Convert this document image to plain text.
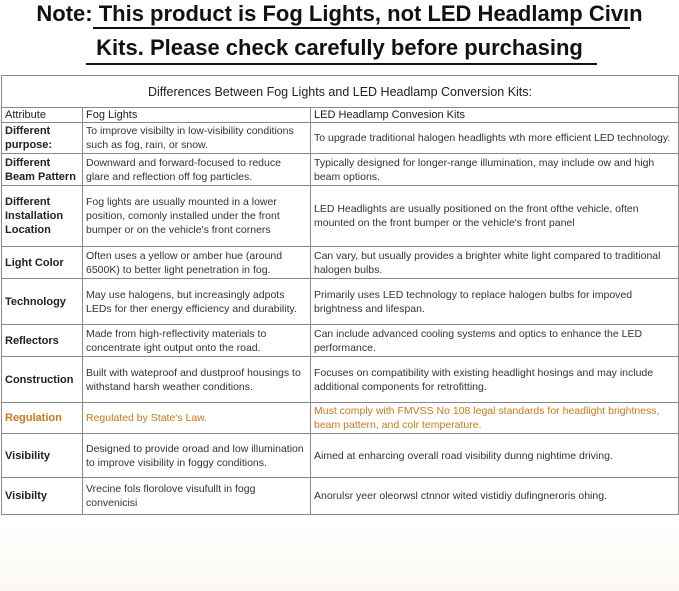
Note: This product is Fog Lights, not LED Headlamp Civın
Kits. Please check carefully before purchasing
Differences Between Fog Lights and LED Headlamp Conversion Kits:		
Attribute	Fog Lights	LED Headlamp Convesion Kits
Different purpose:	To improve visibilty in low-visibility conditions such as fog, rain, or snow.	To upgrade traditional halogen headlights wth more efficient LED technology.
Different Beam Pattern	Downward and forward-focused to reduce glare and reflection off fog particles.	Typically designed for longer-range illumination, may include ow and high beam options.
Different Installation Location	Fog lights are usually mounted in a lower position, comonly installed under the front bumper or on the vehicle's front corners	LED Headlights are usually positioned on the front ofthe vehicle, often mounted on the front bumper or the vehicle's front panel
Light Color	Often uses a yellow or amber hue (around 6500K) to better light penetration in fog.	Can vary, but usually provides a brighter white light compared to traditional halogen bulbs.
Technology	May use halogens, but increasingly adpots LEDs for ther energy efficiency and durability.	Primarily uses LED technology to replace halogen bulbs for impoved brightness and lifespan.
Reflectors	Made from high-reflectivity materials to concentrate ight output onto the road.	Can include advanced cooling systems and optics to enhance the LED performance.
Construction	Built with wateproof and dustproof housings to withstand harsh weather conditions.	Focuses on compatibility with existing headlight hosings and may include additional components for retrofitting.
Regulation	Regulated by State's Law.	Must comply with FMVSS No 108 legal standards for headlight brightness, beam pattern, and colr temperature.
Visibility	Designed to provide oroad and low illumination to improve visibility in foggy conditions.	Aimed at enharcing overall road visibility dunng nightime driving.
Visibilty	Vrecine fols florolove visufullt in fogg convenicisi	Anorulsr yeer oleorwsl ctnnor wited vistidiy dufingneroris ohing.
